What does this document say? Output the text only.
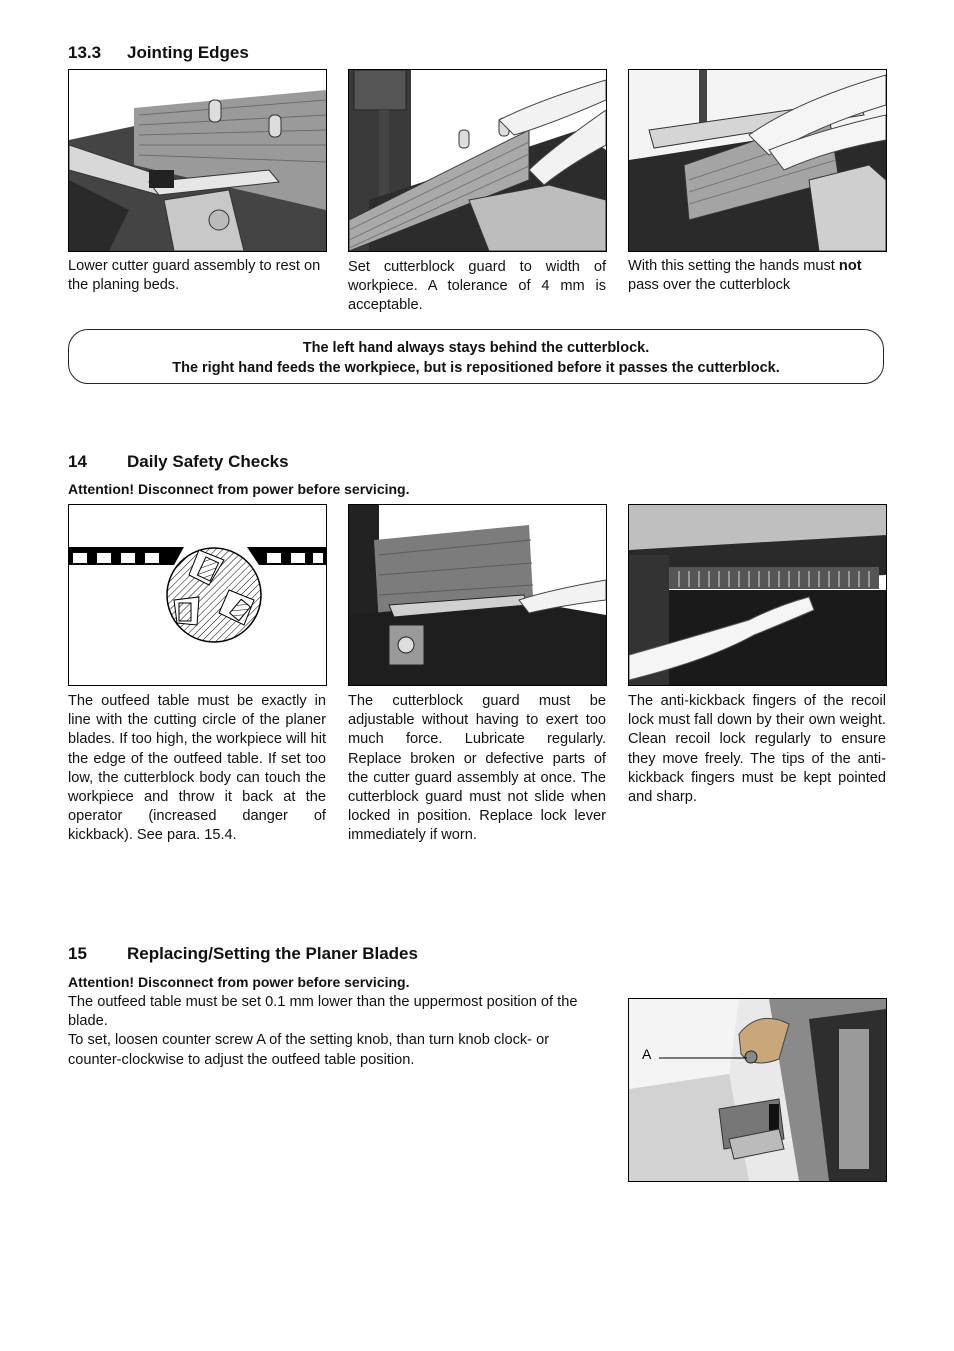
13.3 Jointing Edges
Lower cutter guard assembly to rest on the planing beds.
Set cutterblock guard to width of workpiece. A tolerance of 4 mm is acceptable.
With this setting the hands must not pass over the cutterblock
The left hand always stays behind the cutterblock.
The right hand feeds the workpiece, but is repositioned before it passes the cutterblock.
14 Daily Safety Checks
Attention! Disconnect from power before servicing.
The outfeed table must be exactly in line with the cutting circle of the planer blades. If too high, the workpiece will hit the edge of the outfeed table. If set too low, the cutterblock body can touch the workpiece and throw it back at the operator (increased danger of kickback). See para. 15.4.
The cutterblock guard must be adjustable without having to exert too much force. Lubricate regularly. Replace broken or defective parts of the cutter guard assembly at once. The cutterblock guard must not slide when locked in position. Replace lock lever immediately if worn.
The anti-kickback fingers of the recoil lock must fall down by their own weight. Clean recoil lock regularly to ensure they move freely. The tips of the anti-kickback fingers must be kept pointed and sharp.
15 Replacing/Setting the Planer Blades
Attention! Disconnect from power before servicing.
The outfeed table must be set 0.1 mm lower than the uppermost position of the blade.
To set, loosen counter screw A of the setting knob, than turn knob clock- or counter-clockwise to adjust the outfeed table position.	A
